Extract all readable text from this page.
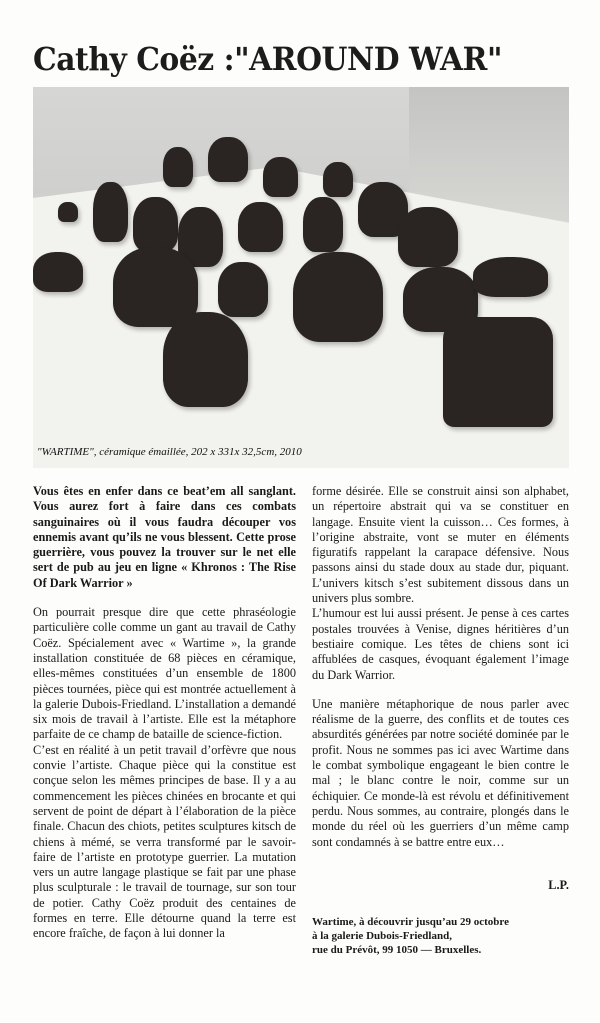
Cathy Coëz :"AROUND WAR"
"WARTIME", céramique émaillée, 202 x 331x 32,5cm, 2010

Vous êtes en enfer dans ce beat’em all sanglant. Vous aurez fort à faire dans ces combats sanguinaires où il vous faudra découper vos ennemis avant qu’ils ne vous blessent. Cette prose guerrière, vous pouvez la trouver sur le net elle sert de pub au jeu en ligne « Khronos : The Rise Of Dark Warrior »

On pourrait presque dire que cette phraséologie particulière colle comme un gant au travail de Cathy Coëz. Spécialement avec « Wartime », la grande installation constituée de 68 pièces en céramique, elles-mêmes constituées d’un ensemble de 1800 pièces tournées, pièce qui est montrée actuellement à la galerie Dubois-Friedland. L’installation a demandé six mois de travail à l’artiste. Elle est la métaphore parfaite de ce champ de bataille de science-fiction.

C’est en réalité à un petit travail d’orfèvre que nous convie l’artiste. Chaque pièce qui la constitue est conçue selon les mêmes principes de base. Il y a au commencement les pièces chinées en brocante et qui servent de point de départ à l’élaboration de la pièce finale. Chacun des chiots, petites sculptures kitsch de chiens à mémé, se verra transformé par le savoir-faire de l’artiste en prototype guerrier. La mutation vers un autre langage plastique se fait par une phase plus sculpturale : le travail de tournage, sur son tour de potier. Cathy Coëz produit des centaines de formes en terre. Elle détourne quand la terre est encore fraîche, de façon à lui donner la

forme désirée. Elle se construit ainsi son alphabet, un répertoire abstrait qui va se constituer en langage. Ensuite vient la cuisson… Ces formes, à l’origine abstraite, vont se muter en éléments figuratifs rappelant la carapace défensive. Nous passons ainsi du stade doux au stade dur, piquant. L’univers kitsch s’est subitement dissous dans un univers plus sombre.

L’humour est lui aussi présent. Je pense à ces cartes postales trouvées à Venise, dignes héritières d’un bestiaire comique. Les têtes de chiens sont ici affublées de casques, évoquant également l’image du Dark Warrior.

Une manière métaphorique de nous parler avec réalisme de la guerre, des conflits et de toutes ces absurdités générées par notre société dominée par le profit. Nous ne sommes pas ici avec Wartime dans le combat symbolique engageant le bien contre le mal ; le blanc contre le noir, comme sur un échiquier. Ce monde-là est révolu et définitivement perdu. Nous sommes, au contraire, plongés dans le monde du réel où les guerriers d’un même camp sont condamnés à se battre entre eux…

L.P.

Wartime, à découvrir jusqu’au 29 octobre
à la galerie Dubois-Friedland,
rue du Prévôt, 99 1050 — Bruxelles.
